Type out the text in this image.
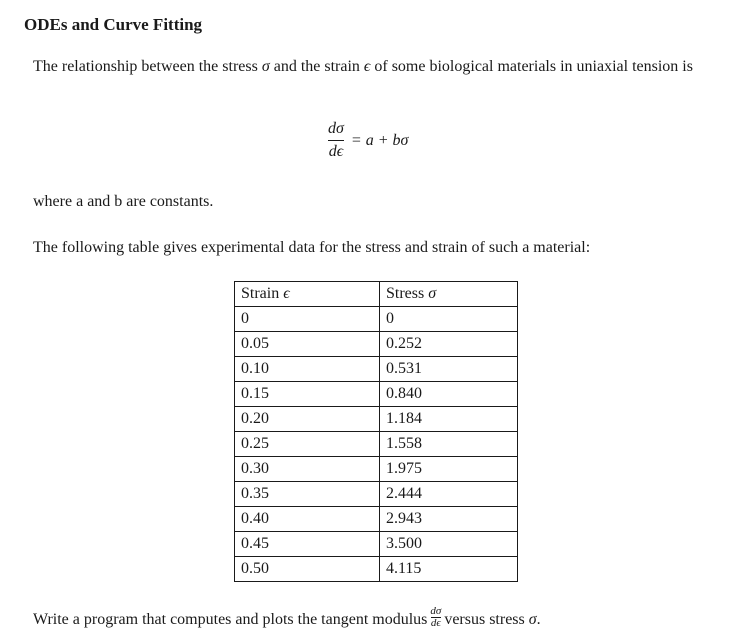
ODEs and Curve Fitting
The relationship between the stress σ and the strain ϵ of some biological materials in uniaxial tension is
$\frac{d\sigma}{d\epsilon} = a + b\sigma$
where a and b are constants.
The following table gives experimental data for the stress and strain of such a material:
Strain ϵ	Stress σ
0	0
0.05	0.252
0.10	0.531
0.15	0.840
0.20	1.184
0.25	1.558
0.30	1.975
0.35	2.444
0.40	2.943
0.45	3.500
0.50	4.115
Write a program that computes and plots the tangent modulus $\frac{d\sigma}{d\epsilon}$ versus stress σ.
